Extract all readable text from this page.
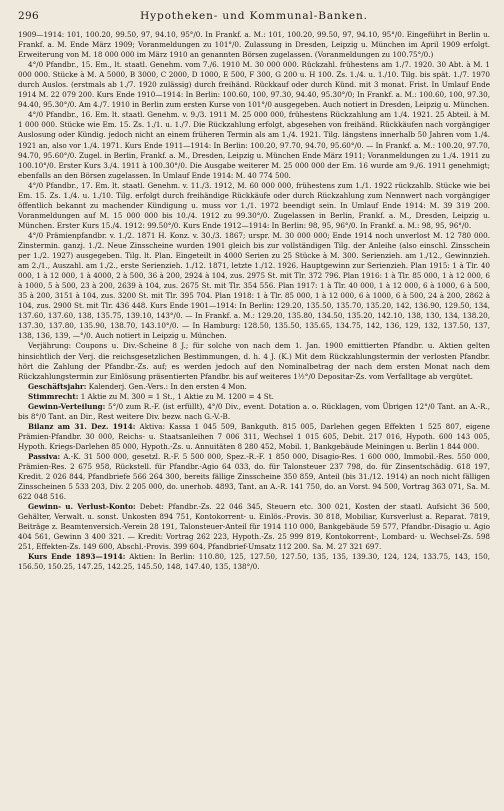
296	Hypotheken- und Kommunal-Banken.

1909—1914: 101, 100.20, 99.50, 97, 94.10, 95°/0. In Frankf. a. M.: 101, 100.20, 99.50, 97, 94.10, 95°/0. Eingeführt in Berlin u. Frankf. a. M. Ende März 1909; Voranmeldungen zu 101°/0. Zulassung in Dresden, Leipzig u. München im April 1909 erfolgt. Erweiterung von M. 18 000 000 im März 1910 an genannten Börsen zugelassen. (Voranmeldungen zu 100.75°/0.)

4°/0 Pfandbr., 15. Em., lt. staatl. Genehm. vom 7./6. 1910 M. 30 000 000. Rückzahl. frühestens am 1./7. 1920. 30 Abt. à M. 1 000 000. Stücke à M. A 5000, B 3000, C 2000, D 1000, E 500, F 300, G 200 u. H 100. Zs. 1./4. u. 1./10. Tilg. bis spät. 1./7. 1970 durch Auslos. (erstmals ab 1./7. 1920 zulässig) durch freihänd. Rückkauf oder durch Künd. mit 3 monat. Frist. In Umlauf Ende 1914 M. 22 079 200. Kurs Ende 1910—1914: In Berlin: 100.60, 100, 97.30, 94.40, 95.30°/0; In Frankf. a. M.: 100.60, 100, 97.30, 94.40, 95.30°/0. Am 4./7. 1910 in Berlin zum ersten Kurse von 101°/0 ausgegeben. Auch notiert in Dresden, Leipzig u. München.

4°/0 Pfandbr., 16. Em. lt. staatl. Genehm. v. 9./3. 1911 M. 25 000 000, frühestens Rückzahlung am 1./4. 1921. 25 Abteil. à M. 1 000 000. Stücke wie Em. 15. Zs. 1./1. u. 1./7. Die Rückzahlung erfolgt, abgesehen von freihänd. Rückkäufen nach vorgängiger Auslosung oder Kündig. jedoch nicht an einem früheren Termin als am 1./4. 1921. Tilg. längstens innerhalb 50 Jahren vom 1./4. 1921 an, also vor 1./4. 1971. Kurs Ende 1911—1914: In Berlin: 100.20, 97.70, 94.70, 95.60°/0. — In Frankf. a. M.: 100.20, 97.70, 94.70, 95.60°/0. Zugel. in Berlin, Frankf. a. M., Dresden, Leipzig u. München Ende März 1911; Voranmeldungen zu 1./4. 1911 zu 100.10°/0. Erster Kurs 3./4. 1911 à 100.30°/0. Die Ausgabe weiterer M. 25 000 000 der Em. 16 wurde am 9./6. 1911 genehmigt; ebenfalls an den Börsen zugelassen. In Umlauf Ende 1914: M. 40 774 500.

4°/0 Pfandbr., 17. Em. lt. staatl. Genehm. v. 11./3. 1912, M. 60 000 000, frühestens zum 1./1. 1922 rückzahlb. Stücke wie bei Em. 15. Zs. 1./4. u. 1./10. Tilg. erfolgt durch freihändige Rückkäufe oder durch Rückzahlung zum Nennwert nach vorgängiger öffentlich bekannt zu machender Kündigung u. muss vor 1./1. 1972 beendigt sein. In Umlauf Ende 1914: M. 39 319 200. Voranmeldungen auf M. 15 000 000 bis 10./4. 1912 zu 99.30°/0. Zugelassen in Berlin, Frankf. a. M., Dresden, Leipzig u. München. Erster Kurs 15./4. 1912: 99.50°/0. Kurs Ende 1912—1914: In Berlin: 98, 95, 96°/0. In Frankf. a. M.: 98, 95, 96°/0.

4°/0 Prämienpfandbr. v. 1./2. 1871 H. Konz. v. 30./3. 1867; urspr. M. 30 000 000; Ende 1914 noch unverlost M. 12 780 000. Zinstermin. ganzj. 1./2. Neue Zinsscheine wurden 1901 gleich bis zur vollständigen Tilg. der Anleihe (also einschl. Zinsschein per 1./2. 1927) ausgegeben. Tilg. lt. Plan. Eingeteilt in 4000 Serien zu 25 Stücke à M. 300. Serienzieh. am 1./12., Gewinnzieh. am 2./1., Auszahl. am 1./2., erste Serienzieh. 1./12. 1871, letzte 1./12. 1926. Hauptgewinn zur Serienzieh. Plan 1915: 1 à Tlr. 40 000, 1 à 12 000, 1 à 4000, 2 à 500, 36 à 200, 2924 à 104, zus. 2975 St. mit Tlr. 372 796. Plan 1916: 1 à Tlr. 85 000, 1 à 12 000, 6 à 1000, 5 à 500, 23 à 200, 2639 à 104, zus. 2675 St. mit Tlr. 354 556. Plan 1917: 1 à Tlr. 40 000, 1 à 12 000, 6 à 1000, 6 à 500, 35 à 200, 3151 à 104, zus. 3200 St. mit Tlr. 395 704. Plan 1918: 1 à Tlr. 85 000, 1 à 12 000, 6 à 1000, 6 à 500, 24 à 200, 2862 à 104, zus. 2900 St. mit Tlr. 436 448. Kurs Ende 1901—1914: In Berlin: 129.20, 135.50, 135.70, 135.20, 142, 136.90, 129.50, 134, 137.60, 137.60, 138, 135.75, 139.10, 143°/0. — In Frankf. a. M.: 129.20, 135.80, 134.50, 135.20, 142.10, 138, 130, 134, 138.20, 137.30, 137.80, 135.90, 138.70, 143.10°/0. — In Hamburg: 128.50, 135.50, 135.65, 134.75, 142, 136, 129, 132, 137.50, 137, 138, 136, 139, —°/0. Auch notiert in Leipzig u. München.

Verjährung: Coupons u. Div.-Scheine 8 J.; für solche von nach dem 1. Jan. 1900 emittierten Pfandbr. u. Aktien gelten hinsichtlich der Verj. die reichsgesetzlichen Bestimmungen, d. h. 4 J. (K.) Mit dem Rückzahlungstermin der verlosten Pfandbr. hört die Zahlung der Pfandbr.-Zs. auf; es werden jedoch auf den Nominalbetrag der nach dem ersten Monat nach dem Rückzahlungstermin zur Einlösung präsentierten Pfandbr. bis auf weiteres 1½°/0 Depositar-Zs. vom Verfalltage ab vergütet.

Geschäftsjahr: Kalenderj. Gen.-Vers.: In den ersten 4 Mon.

Stimmrecht: 1 Aktie zu M. 300 = 1 St., 1 Aktie zu M. 1200 = 4 St.

Gewinn-Verteilung: 5°/0 zum R.-F. (ist erfüllt), 4°/0 Div., event. Dotation a. o. Rücklagen, vom Übrigen 12°/0 Tant. an A.-R., bis 8°/0 Tant. an Dir., Rest weitere Div. bezw. nach G.-V.-B.

Bilanz am 31. Dez. 1914: Aktiva: Kassa 1 045 509, Bankguth. 815 005, Darlehen gegen Effekten 1 525 807, eigene Prämien-Pfandbr. 30 000, Reichs- u. Staatsanleihen 7 006 311, Wechsel 1 015 605, Debit. 217 016, Hypoth. 600 143 005, Hypoth. Kriegs-Darlehen 85 000, Hypoth.-Zs. u. Annuitäten 8 280 452, Mobil. 1, Bankgebäude Meiningen u. Berlin 1 844 000.

Passiva: A.-K. 31 500 000, gesetzl. R.-F. 5 500 000, Spez.-R.-F. 1 850 000, Disagio-Res. 1 600 000, Immobil.-Res. 550 000, Prämien-Res. 2 675 958, Rückstell. für Pfandbr.-Agio 64 033, do. für Talonsteuer 237 798, do. für Zinsentschädig. 618 197, Kredit. 2 026 844, Pfandbriefe 566 264 300, bereits fällige Zinsscheine 350 859, Anteil (bis 31./12. 1914) an noch nicht fälligen Zinsscheinen 5 533 203, Div. 2 205 000, do. unerhob. 4893, Tant. an A.-R. 141 750, do. an Vorst. 94 500, Vortrag 363 071, Sa. M. 622 048 516.

Gewinn- u. Verlust-Konto: Debet: Pfandbr.-Zs. 22 046 345, Steuern etc. 300 021, Kosten der staatl. Aufsicht 36 500, Gehälter, Verwalt. u. sonst. Unkosten 894 751, Kontokorrent- u. Einlös.-Provis. 30 818, Mobiliar, Kursverlust a. Reparat. 7819, Beiträge z. Beamtenversich.-Verein 28 191, Talonsteuer-Anteil für 1914 110 000, Bankgebäude 59 577, Pfandbr.-Disagio u. Agio 404 561, Gewinn 3 400 321. — Kredit: Vortrag 262 223, Hypoth.-Zs. 25 999 819, Kontokorrent-, Lombard- u. Wechsel-Zs. 598 251, Effekten-Zs. 149 600, Abschl.-Provis. 399 604, Pfandbrief-Umsatz 112 200. Sa. M. 27 321 697.

Kurs Ende 1893—1914: Aktien: In Berlin: 110.80, 125, 127.50, 127.50, 135, 135, 139.30, 124, 124, 133.75, 143, 150, 156.50, 150.25, 147.25, 142.25, 145.50, 148, 147.40, 135, 138°/0.
